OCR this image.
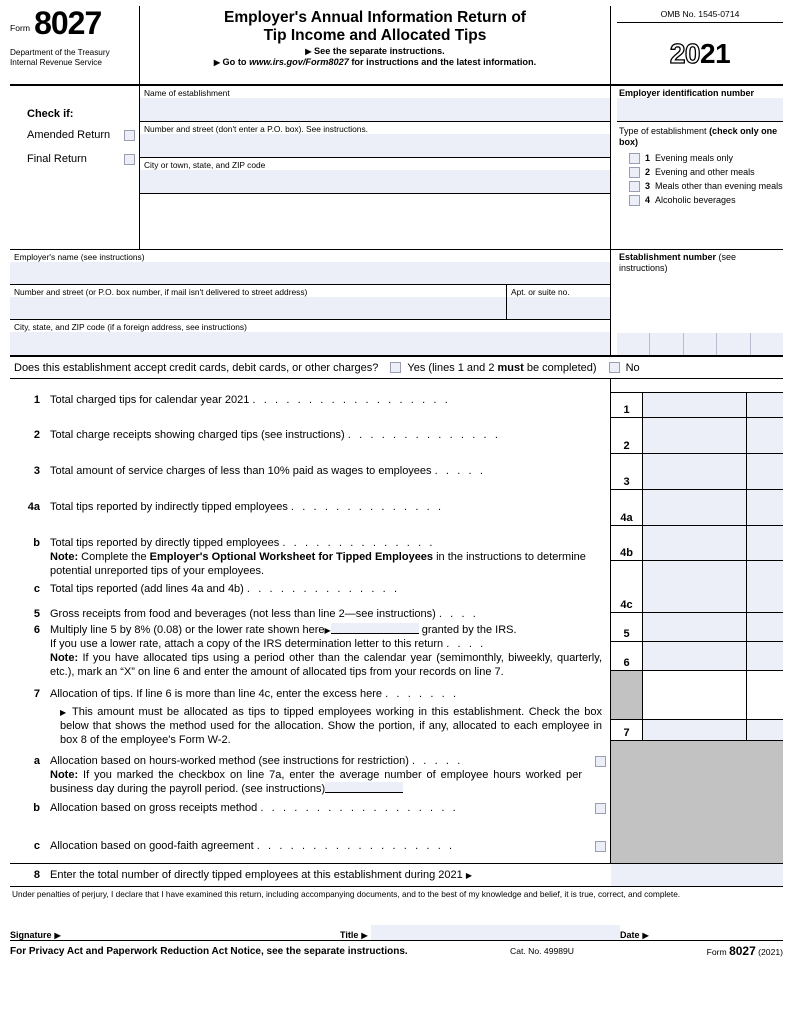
Form 8027
Department of the Treasury
Internal Revenue Service
Employer's Annual Information Return of
Tip Income and Allocated Tips
▶ See the separate instructions.
▶ Go to www.irs.gov/Form8027 for instructions and the latest information.
OMB No. 1545-0714
20 21
Check if:
Amended Return
Final Return
Name of establishment
Number and street (don't enter a P.O. box). See instructions.
City or town, state, and ZIP code
Employer identification number
Type of establishment (check only one box)
1 Evening meals only
2 Evening and other meals
3 Meals other than evening meals
4 Alcoholic beverages
Employer's name (see instructions)
Number and street (or P.O. box number, if mail isn't delivered to street address)	Apt. or suite no.
City, state, and ZIP code (if a foreign address, see instructions)
Establishment number (see instructions)
Does this establishment accept credit cards, debit cards, or other charges?	Yes (lines 1 and 2 must be completed)	No
1 Total charged tips for calendar year 2021 . . . . . . . . . . . . . . . . . .
2 Total charge receipts showing charged tips (see instructions) . . . . . . . . . . . . . .
3 Total amount of service charges of less than 10% paid as wages to employees . . . . .
4a Total tips reported by indirectly tipped employees . . . . . . . . . . . . . .
b Total tips reported by directly tipped employees . . . . . . . . . . . . . .
Note: Complete the Employer's Optional Worksheet for Tipped Employees in the instructions to determine potential unreported tips of your employees.
c Total tips reported (add lines 4a and 4b) . . . . . . . . . . . . . .
5 Gross receipts from food and beverages (not less than line 2—see instructions) . . . .
6 Multiply line 5 by 8% (0.08) or the lower rate shown here▶	granted by the IRS.
If you use a lower rate, attach a copy of the IRS determination letter to this return . . . .
Note: If you have allocated tips using a period other than the calendar year (semimonthly, biweekly, quarterly, etc.), mark an “X” on line 6 and enter the amount of allocated tips from your records on line 7.
7 Allocation of tips. If line 6 is more than line 4c, enter the excess here . . . . . . .
▶ This amount must be allocated as tips to tipped employees working in this establishment. Check the box below that shows the method used for the allocation. Show the portion, if any, allocated to each employee in box 8 of the employee's Form W-2.
a Allocation based on hours-worked method (see instructions for restriction) . . . . .
Note: If you marked the checkbox on line 7a, enter the average number of employee hours worked per business day during the payroll period. (see instructions)
b Allocation based on gross receipts method . . . . . . . . . . . . . . . . . .
c Allocation based on good-faith agreement . . . . . . . . . . . . . . . . . .
1
2
3
4a
4b
4c
5
6
7
8 Enter the total number of directly tipped employees at this establishment during 2021 ▶
Under penalties of perjury, I declare that I have examined this return, including accompanying documents, and to the best of my knowledge and belief, it is true, correct, and complete.
Signature ▶	Title ▶	Date ▶
For Privacy Act and Paperwork Reduction Act Notice, see the separate instructions.	Cat. No. 49989U	Form 8027 (2021)
